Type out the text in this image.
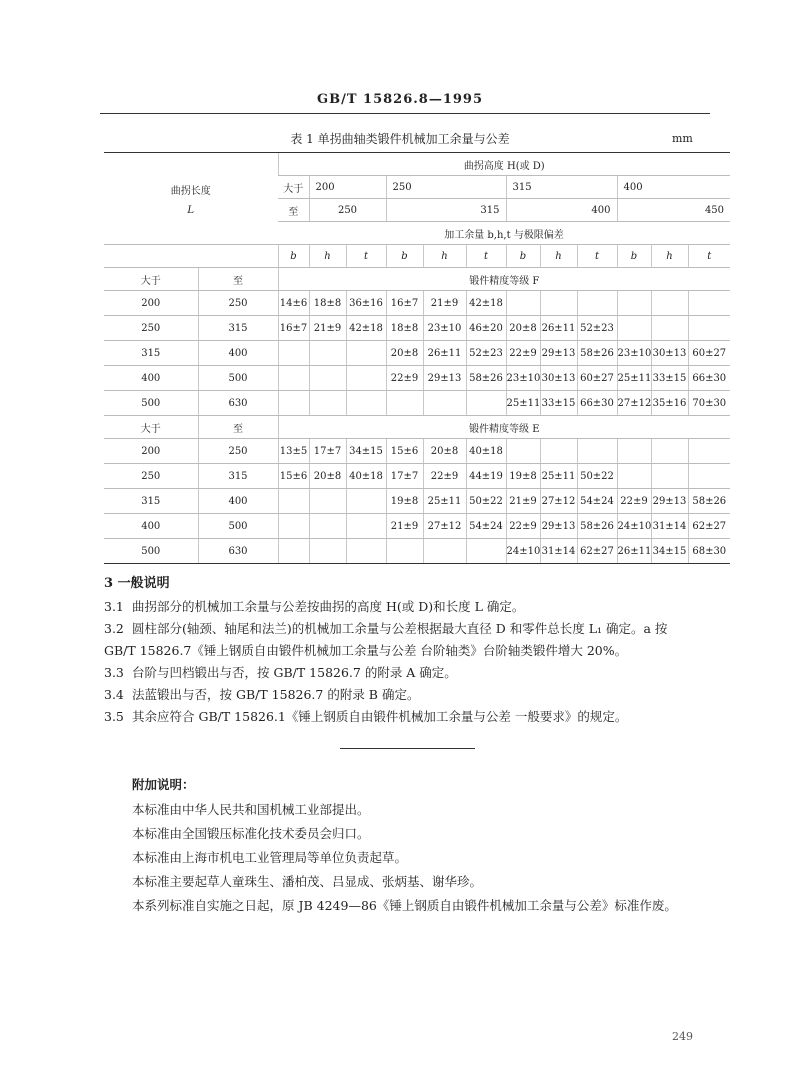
GB/T 15826.8—1995
表 1 单拐曲轴类锻件机械加工余量与公差	mm
曲拐长度
L		曲拐高度 H(或 D)											
		大于	200		250			315			400		
		至	250		315			400			450		
		加工余量 b,h,t 与极限偏差											
		b	h	t	b	h	t	b	h	t	b	h	t
大于	至	锻件精度等级 F											
200	250	14±6	18±8	36±16	16±7	21±9	42±18						
250	315	16±7	21±9	42±18	18±8	23±10	46±20	20±8	26±11	52±23			
315	400				20±8	26±11	52±23	22±9	29±13	58±26	23±10	30±13	60±27
400	500				22±9	29±13	58±26	23±10	30±13	60±27	25±11	33±15	66±30
500	630							25±11	33±15	66±30	27±12	35±16	70±30
大于	至	锻件精度等级 E											
200	250	13±5	17±7	34±15	15±6	20±8	40±18						
250	315	15±6	20±8	40±18	17±7	22±9	44±19	19±8	25±11	50±22			
315	400				19±8	25±11	50±22	21±9	27±12	54±24	22±9	29±13	58±26
400	500				21±9	27±12	54±24	22±9	29±13	58±26	24±10	31±14	62±27
500	630							24±10	31±14	62±27	26±11	34±15	68±30
3 一般说明
3.1 曲拐部分的机械加工余量与公差按曲拐的高度 H(或 D)和长度 L 确定。
3.2 圆柱部分(轴颈、轴尾和法兰)的机械加工余量与公差根据最大直径 D 和零件总长度 L₁ 确定。a 按
GB/T 15826.7《锤上钢质自由锻件机械加工余量与公差 台阶轴类》台阶轴类锻件增大 20%。
3.3 台阶与凹档锻出与否，按 GB/T 15826.7 的附录 A 确定。
3.4 法蓝锻出与否，按 GB/T 15826.7 的附录 B 确定。
3.5 其余应符合 GB/T 15826.1《锤上钢质自由锻件机械加工余量与公差 一般要求》的规定。
附加说明：
本标准由中华人民共和国机械工业部提出。
本标准由全国锻压标准化技术委员会归口。
本标准由上海市机电工业管理局等单位负责起草。
本标准主要起草人童珠生、潘柏茂、吕显成、张炳基、谢华珍。
本系列标准自实施之日起，原 JB 4249—86《锤上钢质自由锻件机械加工余量与公差》标准作废。
249
